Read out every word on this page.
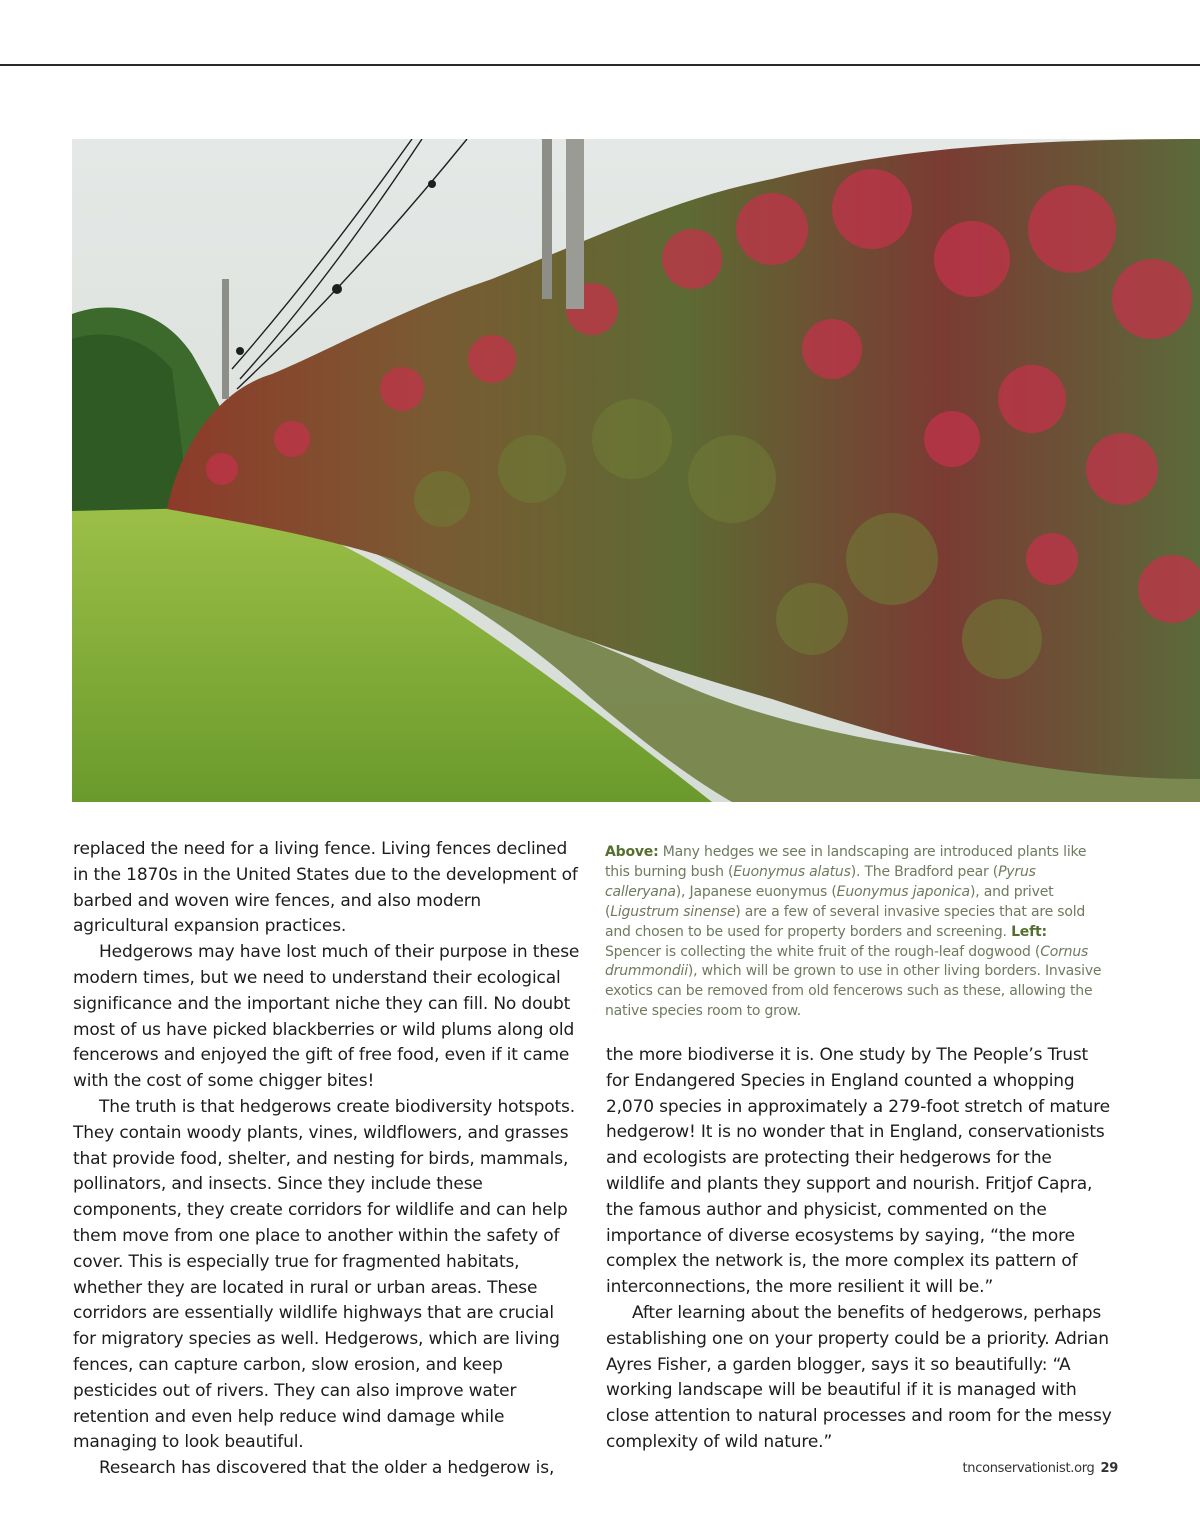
replaced the need for a living fence. Living fences declined in the 1870s in the United States due to the development of barbed and woven wire fences, and also modern agricultural expansion practices.

Hedgerows may have lost much of their purpose in these modern times, but we need to understand their ecological significance and the important niche they can fill. No doubt most of us have picked blackberries or wild plums along old fencerows and enjoyed the gift of free food, even if it came with the cost of some chigger bites!

The truth is that hedgerows create biodiversity hotspots. They contain woody plants, vines, wildflowers, and grasses that provide food, shelter, and nesting for birds, mammals, pollinators, and insects. Since they include these components, they create corridors for wildlife and can help them move from one place to another within the safety of cover. This is especially true for fragmented habitats, whether they are located in rural or urban areas. These corridors are essentially wildlife highways that are crucial for migratory species as well. Hedgerows, which are living fences, can capture carbon, slow erosion, and keep pesticides out of rivers. They can also improve water retention and even help reduce wind damage while managing to look beautiful.

Research has discovered that the older a hedgerow is,

Above: Many hedges we see in landscaping are introduced plants like this burning bush (Euonymus alatus). The Bradford pear (Pyrus calleryana), Japanese euonymus (Euonymus japonica), and privet (Ligustrum sinense) are a few of several invasive species that are sold and chosen to be used for property borders and screening. Left: Spencer is collecting the white fruit of the rough-leaf dogwood (Cornus drummondii), which will be grown to use in other living borders. Invasive exotics can be removed from old fencerows such as these, allowing the native species room to grow.

the more biodiverse it is. One study by The People’s Trust for Endangered Species in England counted a whopping 2,070 species in approximately a 279-foot stretch of mature hedgerow! It is no wonder that in England, conservationists and ecologists are protecting their hedgerows for the wildlife and plants they support and nourish. Fritjof Capra, the famous author and physicist, commented on the importance of diverse ecosystems by saying, “the more complex the network is, the more complex its pattern of interconnections, the more resilient it will be.”

After learning about the benefits of hedgerows, perhaps establishing one on your property could be a priority. Adrian Ayres Fisher, a garden blogger, says it so beautifully: “A working landscape will be beautiful if it is managed with close attention to natural processes and room for the messy complexity of wild nature.”

tnconservationist.org 29
